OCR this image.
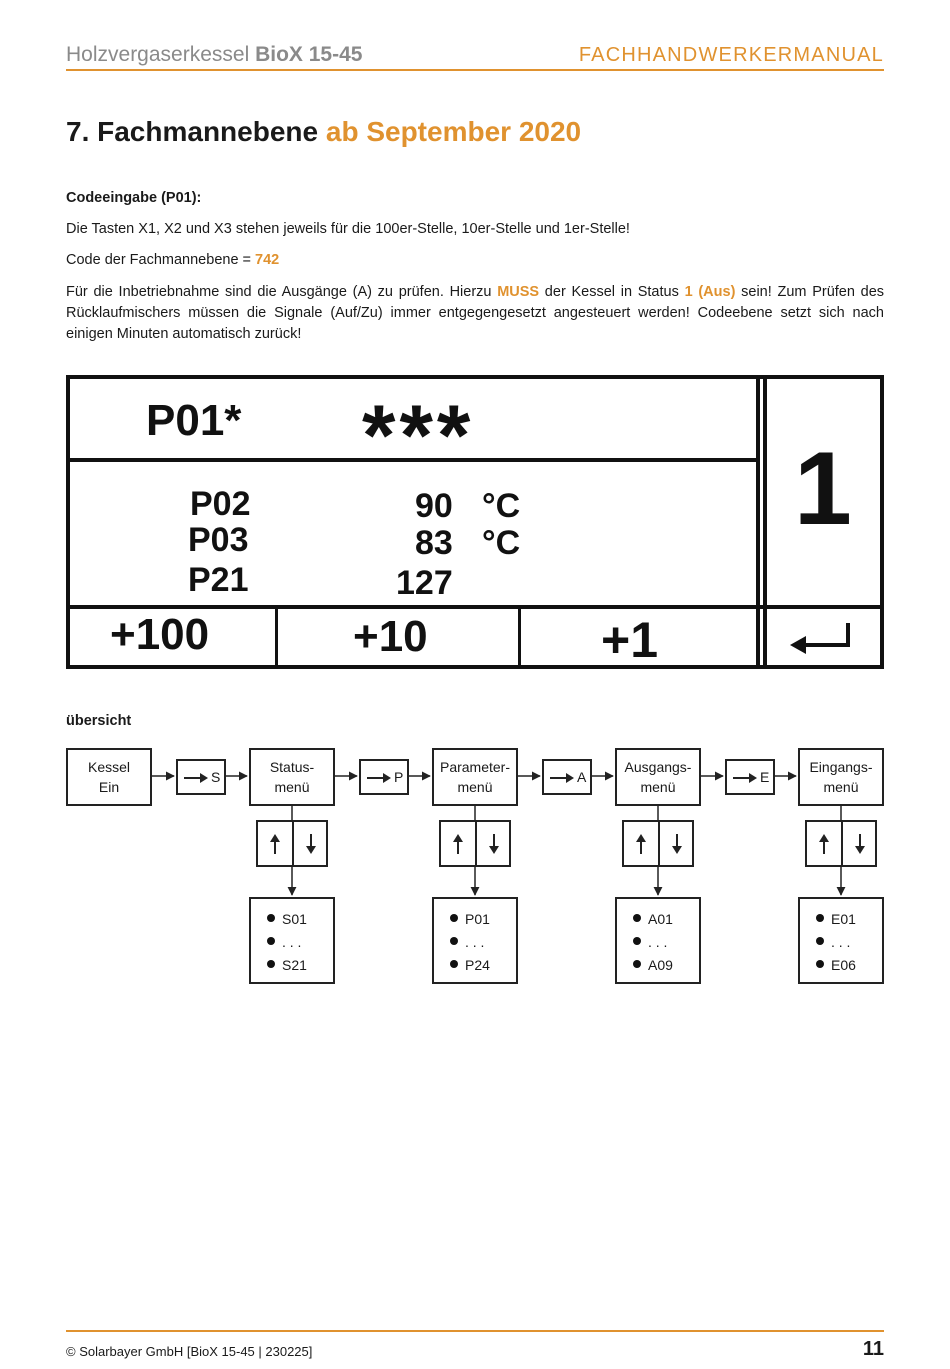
Holzvergaserkessel BioX 15-45	FACHHANDWERKERMANUAL
7. Fachmannebene ab September 2020
Codeeingabe (P01):
Die Tasten X1, X2 und X3 stehen jeweils für die 100er-Stelle, 10er-Stelle und 1er-Stelle!
Code der Fachmannebene = 742
Für die Inbetriebnahme sind die Ausgänge (A) zu prüfen. Hierzu MUSS der Kessel in Status 1 (Aus) sein! Zum Prüfen des Rücklaufmischers müssen die Signale (Auf/Zu) immer entgegengesetzt angesteuert werden! Codeebene setzt sich nach einigen Minuten automatisch zurück!
P01* ***
P02	90 °C
P03	83 °C
P21	127
1
+100	+10	+1
übersicht
Kessel
Ein
S	P	A	E
Status-
menü
Parameter-
menü
Ausgangs-
menü
Eingangs-
menü
S01
. . .
S21
P01
. . .
P24
A01
. . .
A09
E01
. . .
E06
© Solarbayer GmbH [BioX 15-45 | 230225]	11
